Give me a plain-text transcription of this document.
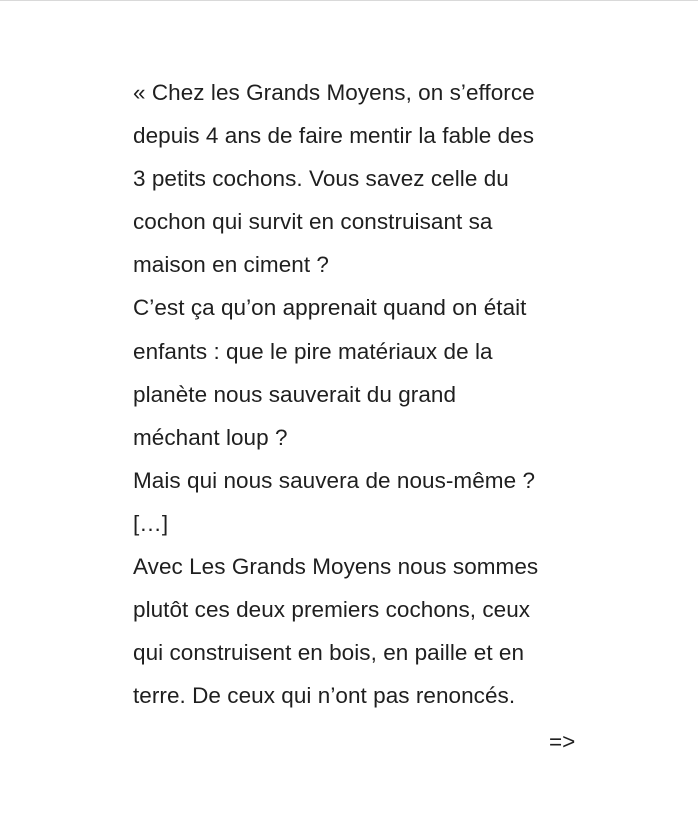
« Chez les Grands Moyens, on s’efforce
depuis 4 ans de faire mentir la fable des
3 petits cochons. Vous savez celle du
cochon qui survit en construisant sa
maison en ciment ?
C’est ça qu’on apprenait quand on était
enfants : que le pire matériaux de la
planète nous sauverait du grand
méchant loup ?
Mais qui nous sauvera de nous-même ?
[…]
Avec Les Grands Moyens nous sommes
plutôt ces deux premiers cochons, ceux
qui construisent en bois, en paille et en
terre. De ceux qui n’ont pas renoncés.
=>
